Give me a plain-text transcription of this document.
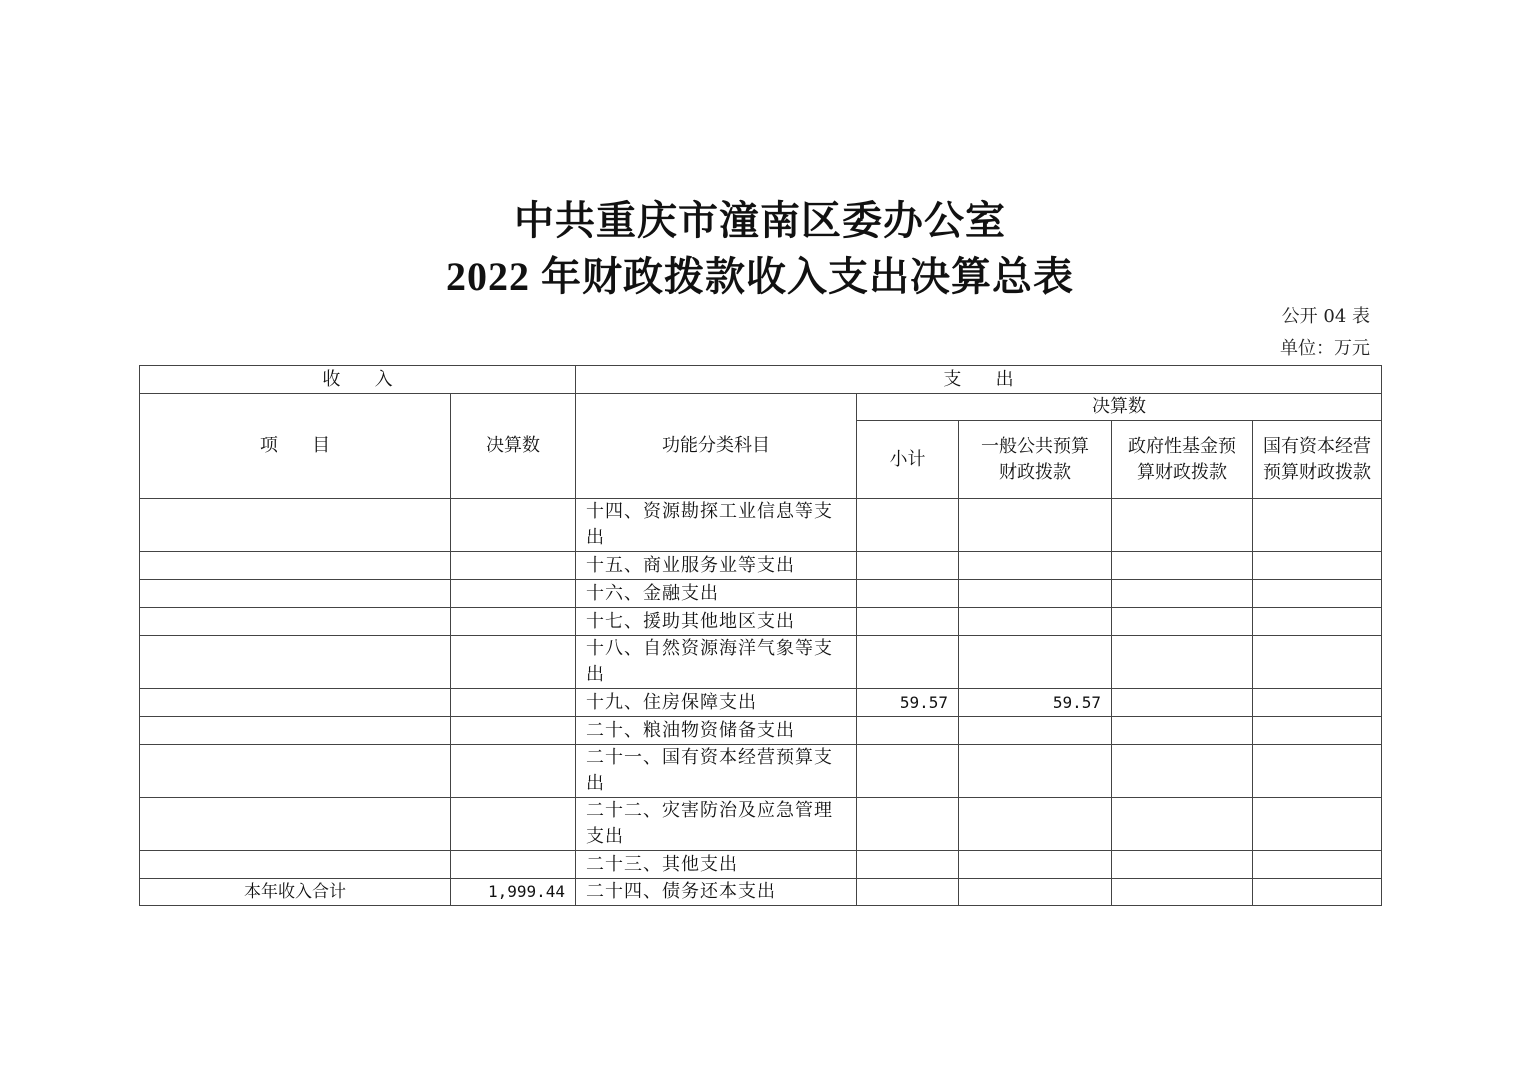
中共重庆市潼南区委办公室
2022 年财政拨款收入支出决算总表
公开 04 表
单位：万元
收      入		支      出				
项      目	决算数	功能分类科目	决算数			
			小计	一般公共预算财政拨款	政府性基金预算财政拨款	国有资本经营预算财政拨款
		十四、资源勘探工业信息等支出				
		十五、商业服务业等支出				
		十六、金融支出				
		十七、援助其他地区支出				
		十八、自然资源海洋气象等支出				
		十九、住房保障支出	59.57	59.57		
		二十、粮油物资储备支出				
		二十一、国有资本经营预算支出				
		二十二、灾害防治及应急管理支出				
		二十三、其他支出				
本年收入合计	1,999.44	二十四、债务还本支出				
